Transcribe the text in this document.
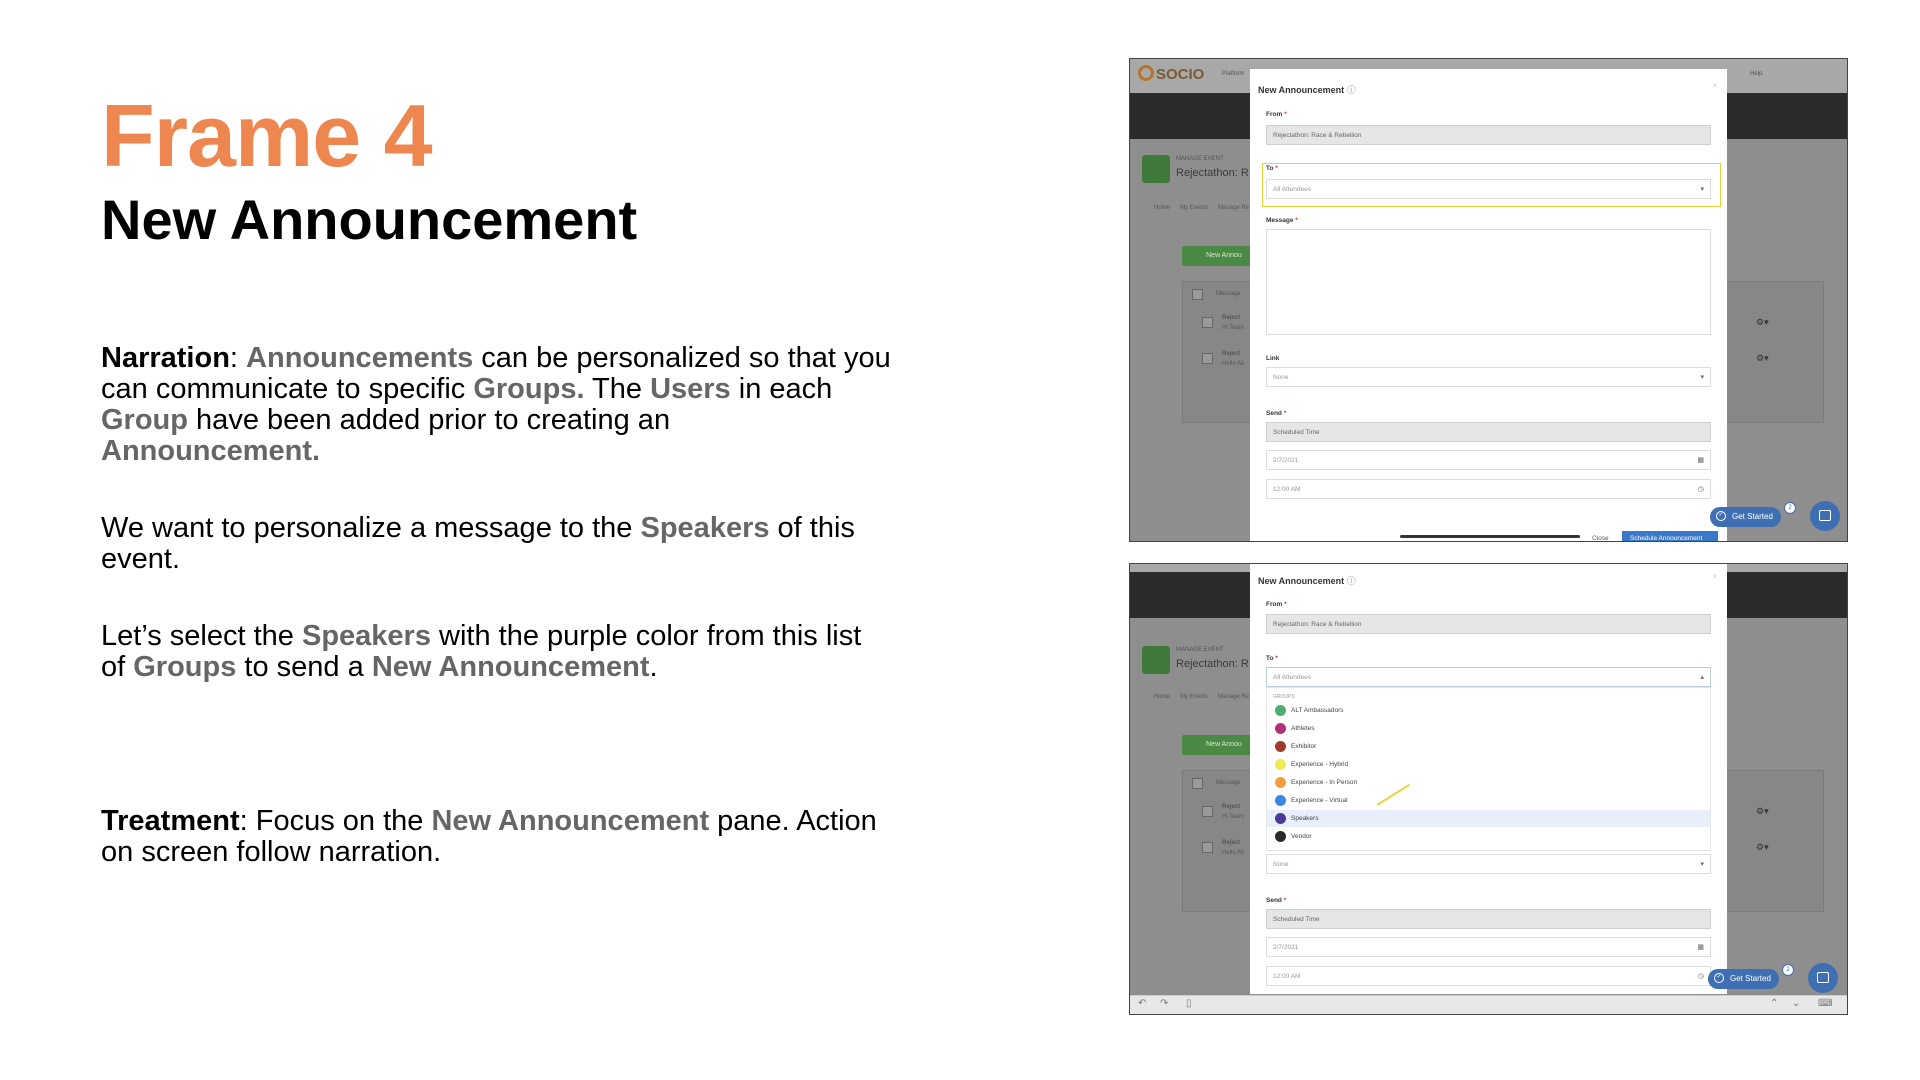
Frame 4
New Announcement
Narration: Announcements can be personalized so that you can communicate to specific Groups. The Users in each Group have been added prior to creating an Announcement.
We want to personalize a message to the Speakers of this event.
Let’s select the Speakers with the purple color from this list of Groups to send a New Announcement.
Treatment: Focus on the New Announcement pane. Action on screen follow narration.
SOCIO	Platform	Help
MANAGE EVENT
Rejectathon: R
Home My Events Manage Re
New Annou
Message
Reject
Hi Team
Reject
Hello All
⚙▾
⚙▾
New Announcement ⓘ	×
From *
Rejectathon: Race & Rebellion
To *
All Attendees	▾
Message *
Link
None	▾
Send *
Scheduled Time
2/7/2021	▦
12:00 AM	◷
Close	Schedule Announcement
✓	Get Started
2
MANAGE EVENT
Rejectathon: R
Home My Events Manage Re
New Annou
Message
Reject
Hi Team
Reject
Hello All
⚙▾
⚙▾
New Announcement ⓘ	×
From *
Rejectathon: Race & Rebellion
To *
All Attendees	▴
GROUPS
ALT Ambassadors
Athletes
Exhibitor
Experience - Hybrid
Experience - In Person
Experience - Virtual
Speakers
Vendor
None	▾
Send *
Scheduled Time
2/7/2021	▦
12:00 AM	◷	✓	Get Started
2
↶ ↷ ▯	⌃ ⌄ ⌨
